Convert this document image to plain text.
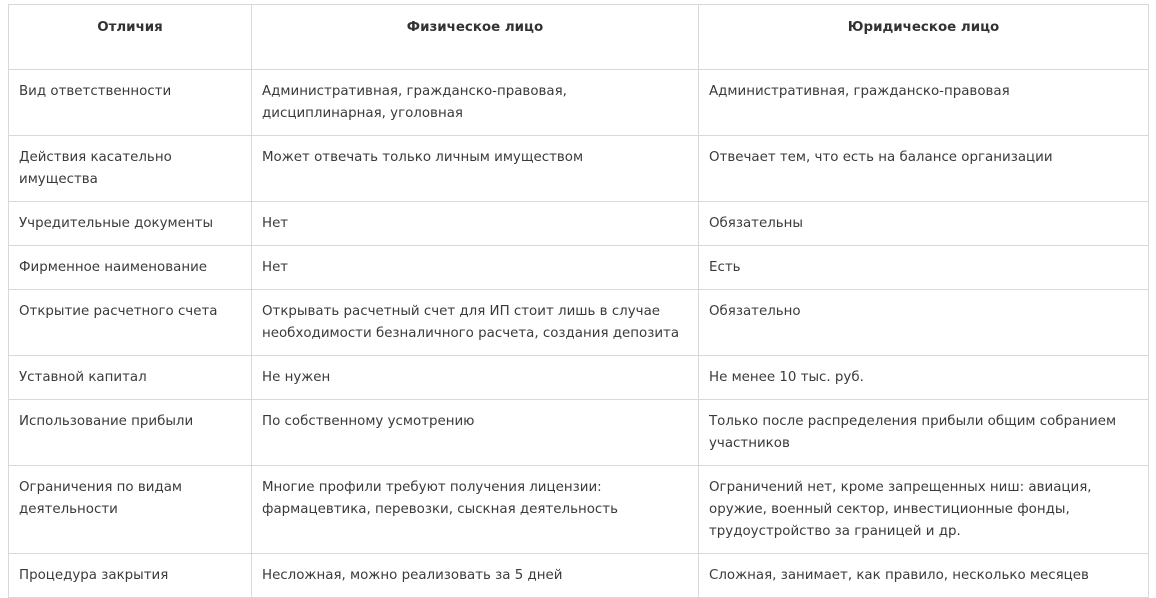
Отличия	Физическое лицо	Юридическое лицо
Вид ответственности	Административная, гражданско-правовая, дисциплинарная, уголовная	Административная, гражданско-правовая
Действия касательно имущества	Может отвечать только личным имуществом	Отвечает тем, что есть на балансе организации
Учредительные документы	Нет	Обязательны
Фирменное наименование	Нет	Есть
Открытие расчетного счета	Открывать расчетный счет для ИП стоит лишь в случае необходимости безналичного расчета, создания депозита	Обязательно
Уставной капитал	Не нужен	Не менее 10 тыс. руб.
Использование прибыли	По собственному усмотрению	Только после распределения прибыли общим собранием участников
Ограничения по видам деятельности	Многие профили требуют получения лицензии: фармацевтика, перевозки, сыскная деятельность	Ограничений нет, кроме запрещенных ниш: авиация, оружие, военный сектор, инвестиционные фонды, трудоустройство за границей и др.
Процедура закрытия	Несложная, можно реализовать за 5 дней	Сложная, занимает, как правило, несколько месяцев
